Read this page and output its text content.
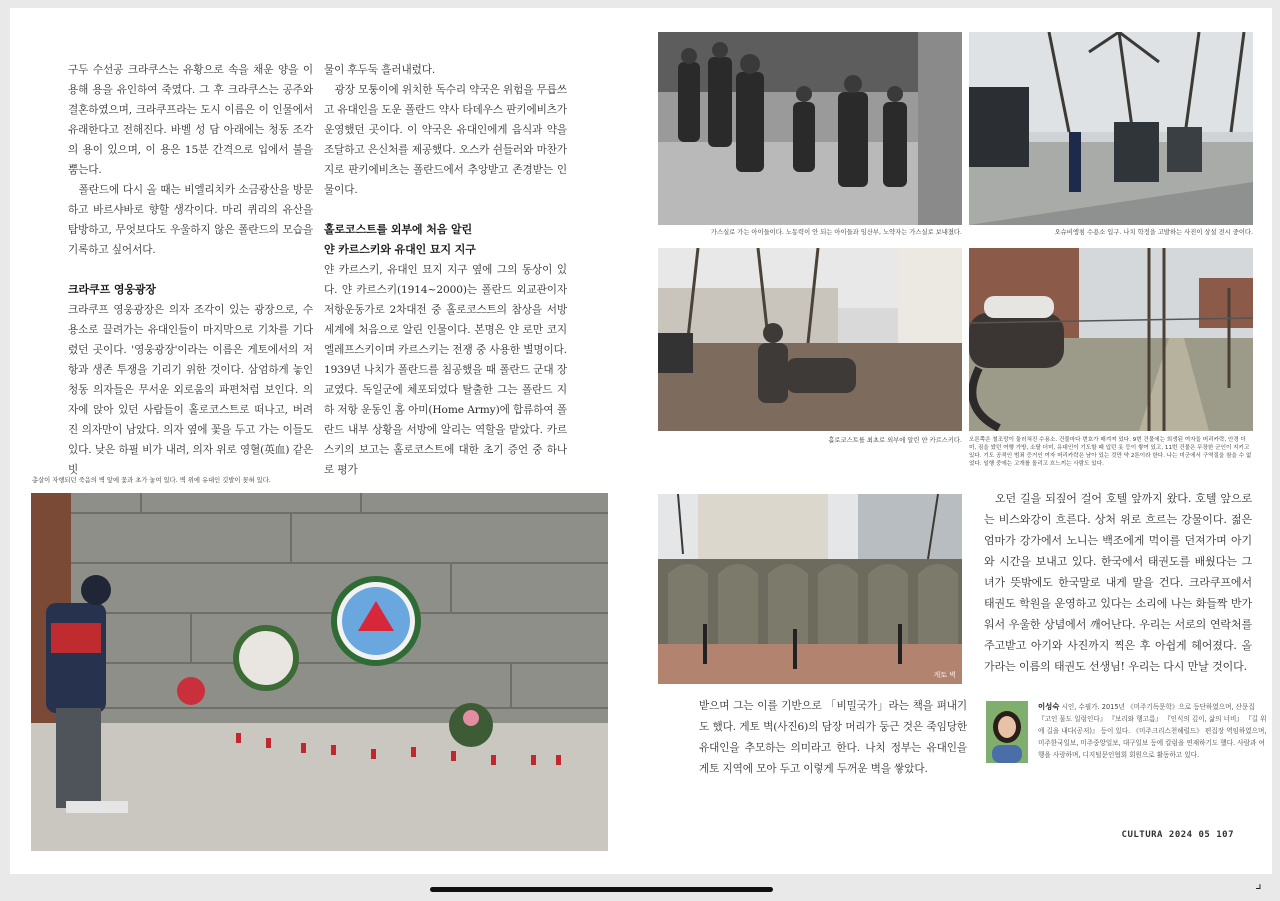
구두 수선공 크라쿠스는 유황으로 속을 채운 양을 이용해 용을 유인하여 죽였다. 그 후 크라쿠스는 공주와 결혼하였으며, 크라쿠프라는 도시 이름은 이 인물에서 유래한다고 전해진다. 바벨 성 담 아래에는 청동 조각의 용이 있으며, 이 용은 15분 간격으로 입에서 불을 뿜는다.

폴란드에 다시 올 때는 비엘리치카 소금광산을 방문하고 바르샤바로 향할 생각이다. 마리 퀴리의 유산을 탐방하고, 무엇보다도 우울하지 않은 폴란드의 모습을 기록하고 싶어서다.

크라쿠프 영웅광장

크라쿠프 영웅광장은 의자 조각이 있는 광장으로, 수용소로 끌려가는 유대인들이 마지막으로 기차를 기다렸던 곳이다. '영웅광장'이라는 이름은 게토에서의 저항과 생존 투쟁을 기리기 위한 것이다. 삼엄하게 놓인 청동 의자들은 무서운 외로움의 파편처럼 보인다. 의자에 앉아 있던 사람들이 홀로코스트로 떠나고, 버려진 의자만이 남았다. 의자 옆에 꽃을 두고 가는 이들도 있다. 낮은 하필 비가 내려, 의자 위로 영혈(英血) 같은 빗

물이 후두둑 흘러내렸다.

광장 모퉁이에 위치한 독수리 약국은 위험을 무릅쓰고 유대인을 도운 폴란드 약사 타데우스 판키에비츠가 운영했던 곳이다. 이 약국은 유대인에게 음식과 약을 조달하고 은신처를 제공했다. 오스카 쉰들러와 마찬가지로 판키에비츠는 폴란드에서 추앙받고 존경받는 인물이다.

홀로코스트를 외부에 처음 알린
얀 카르스키와 유대인 묘지 지구

얀 카르스키, 유대인 묘지 지구 옆에 그의 동상이 있다. 얀 카르스키(1914~2000)는 폴란드 외교관이자 저항운동가로 2차대전 중 홀로코스트의 참상을 서방 세계에 처음으로 알린 인물이다. 본명은 얀 로만 코지엘레프스키이며 카르스키는 전쟁 중 사용한 별명이다. 1939년 나치가 폴란드를 침공했을 때 폴란드 군대 장교였다. 독일군에 체포되었다 탈출한 그는 폴란드 지하 저항 운동인 홈 아미(Home Army)에 합류하여 폴란드 내부 상황을 서방에 알리는 역할을 맡았다. 카르스키의 보고는 홀로코스트에 대한 초기 증언 중 하나로 평가

총살이 자행되던 죽음의 벽 앞에 꽃과 초가 놓여 있다. 벽 위에 유대인 깃발이 꽂혀 있다.
가스실로 가는 아이들이다. 노동력이 안 되는 아이들과 임산부, 노약자는 가스실로 보내졌다.	오슈비엥침 수용소 입구. 나치 학정을 고발하는 사진이 상설 전시 중이다.
홀로코스트를 최초로 외부에 알린 얀 카르스키다. 오른쪽은 철조망이 둘러쳐진 수용소. 건물마다 번호가 매겨져 있다. 9번 건물에는 희생된 여자들 머리카락, 안경 더미, 짐을 쌌던 여행 가방, 소탈 더미, 유대인이 기도할 때 입던 옷 등이 쌓여 있고, 11번 건물은 무장한 군인이 지키고 있다. 기도 공적인 범죄 증거인 여자 머리카락은 남아 있는 것만 약 2톤이라 한다. 나는 미군에서 구역질을 참을 수 없었다. 일행 중에는 고개를 돌리고 흐느끼는 사람도 있다.
게토 벽

오던 길을 되짚어 걸어 호텔 앞까지 왔다. 호텔 앞으로는 비스와강이 흐른다. 상처 위로 흐르는 강물이다. 젊은 엄마가 강가에서 노니는 백조에게 먹이를 던져가며 아기와 시간을 보내고 있다. 한국에서 태권도를 배웠다는 그녀가 뜻밖에도 한국말로 내게 말을 건다. 크라쿠프에서 태권도 학원을 운영하고 있다는 소리에 나는 화들짝 반가워서 우울한 상념에서 깨어난다. 우리는 서로의 연락처를 주고받고 아기와 사진까지 찍은 후 아쉽게 헤어졌다. 올가라는 이름의 태권도 선생님! 우리는 다시 만날 것이다.

받으며 그는 이를 기반으로 「비밀국가」라는 책을 펴내기도 했다. 게토 벽(사진6)의 담장 머리가 둥근 것은 죽임당한 유대인을 추모하는 의미라고 한다. 나치 정부는 유대인을 게토 지역에 모아 두고 이렇게 두꺼운 벽을 쌓았다.

이성숙 시인, 수필가. 2015년 《미주기독문학》으로 등단하였으며, 산문집 『고인 물도 일렁인다』 『보리와 행고름』 『인식의 깊이, 삶의 너비』 『길 위에 길을 내다(공저)』 등이 있다. 《미주크리스천헤럴드》 편집장 역임하였으며, 미주한국일보, 미주중앙일보, 대구일보 등에 칼럼을 연재하기도 했다. 사람과 여행을 사랑하며, 디지털문인협회 회원으로 활동하고 있다.
CULTURA 2024 05 107
⌟
